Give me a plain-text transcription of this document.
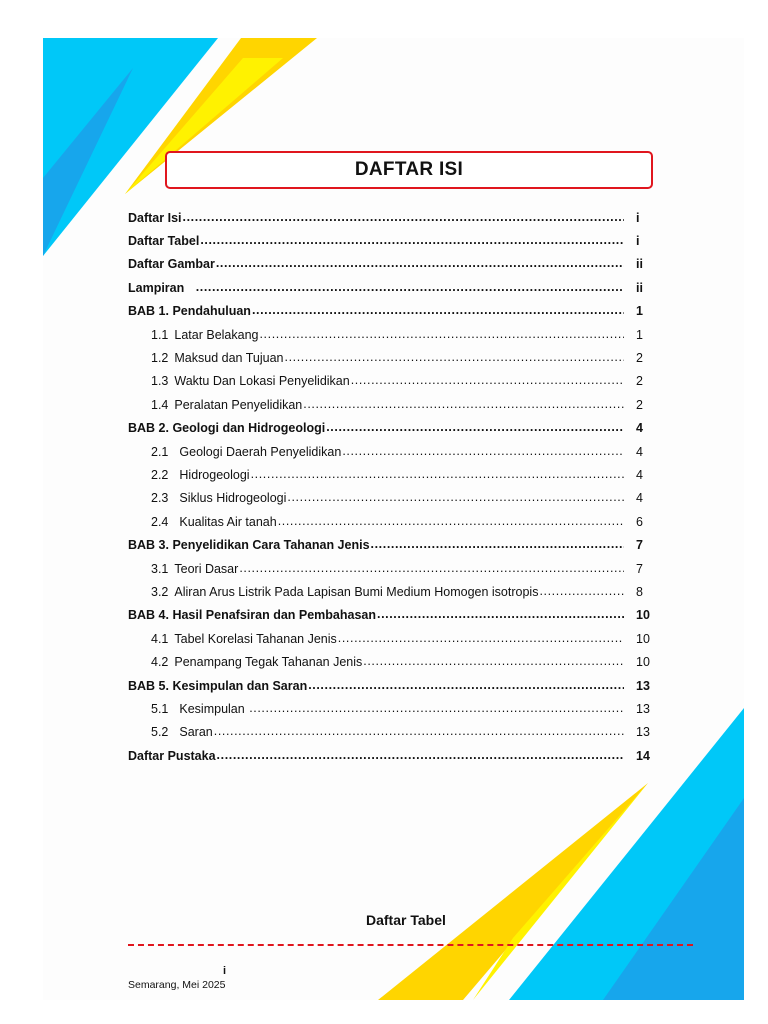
DAFTAR ISI
Daftar Isi .....	i
Daftar Tabel .....	i
Daftar Gambar .....	ii
Lampiran .....	ii
BAB 1. Pendahuluan .....	1
1.1 Latar Belakang .....	1
1.2 Maksud dan Tujuan .....	2
1.3 Waktu Dan Lokasi Penyelidikan .....	2
1.4 Peralatan Penyelidikan .....	2
BAB 2. Geologi dan Hidrogeologi .....	4
2.1 Geologi Daerah Penyelidikan .....	4
2.2 Hidrogeologi .....	4
2.3 Siklus Hidrogeologi .....	4
2.4 Kualitas Air tanah .....	6
BAB 3. Penyelidikan Cara Tahanan Jenis .....	7
3.1 Teori Dasar .....	7
3.2 Aliran Arus Listrik Pada Lapisan Bumi Medium Homogen isotropis .....	8
BAB 4. Hasil Penafsiran dan Pembahasan .....	10
4.1 Tabel Korelasi Tahanan Jenis .....	10
4.2 Penampang Tegak Tahanan Jenis .....	10
BAB 5. Kesimpulan dan Saran .....	13
5.1 Kesimpulan .....	13
5.2 Saran .....	13
Daftar Pustaka .....	14
Daftar Tabel
i
Semarang, Mei 2025
